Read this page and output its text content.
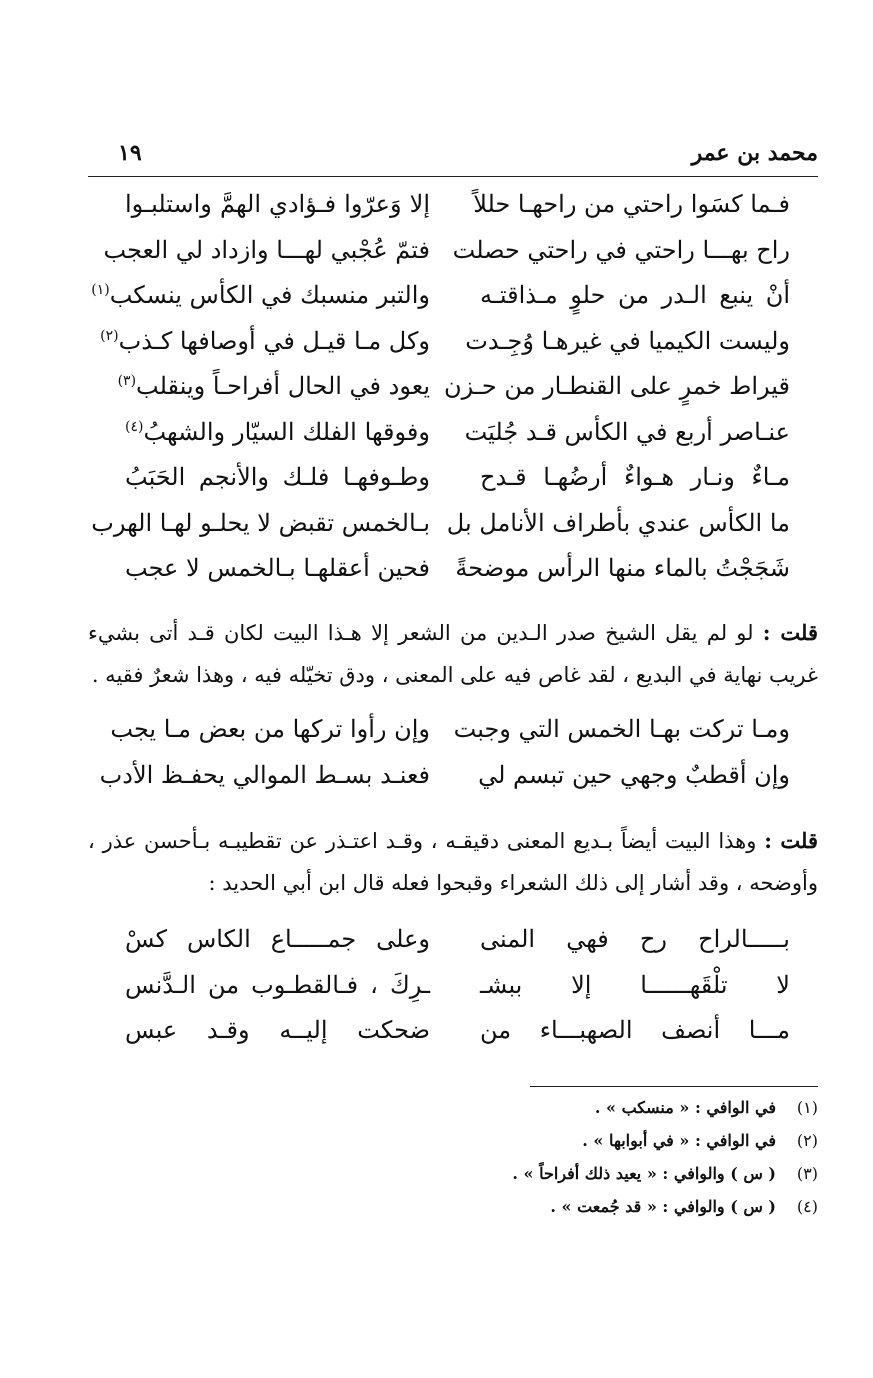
محمد بن عمر
١٩
فـما كسَوا راحتي من راحهـا حللاً
إلا وَعرّوا فـؤادي الهمَّ واستلبـوا
راح بهـــا راحتي في راحتي حصلت
فتمّ عُجْبي لهـــا وازداد لي العجب
أنْ ينبع الـدر من حلوٍ مـذاقتـه
والتبر منسبك في الكأس ينسكب$^{(١)}$
وليست الكيميا في غيرهـا وُجِـدت
وكل مـا قيـل في أوصافها كـذب$^{(٢)}$
قيراط خمرٍ على القنطـار من حـزن
يعود في الحال أفراحـاً وينقلب$^{(٣)}$
عنـاصر أربع في الكأس قـد جُليَت
وفوقها الفلك السيّار والشهبُ$^{(٤)}$
مـاءٌ ونـار هـواءٌ أرضُهـا قـدح
وطـوفهـا فلـك والأنجم الحَبَبُ
ما الكأس عندي بأطراف الأنامل بل
بـالخمس تقبض لا يحلـو لهـا الهرب
شَجَجْتُ بالماء منها الرأس موضحةً
فحين أعقلهـا بـالخمس لا عجب
قلت : لو لم يقل الشيخ صدر الـدين من الشعر إلا هـذا البيت لكان قـد أتى بشيء غريب نهاية في البديع ، لقد غاص فيه على المعنى ، ودق تخيّله فيه ، وهذا شعرٌ فقيه .
ومـا تركت بهـا الخمس التي وجبت
وإن رأوا تركها من بعض مـا يجب
وإن أقطبٌ وجهي حين تبسم لي
فعنـد بسـط الموالي يحفـظ الأدب
قلت : وهذا البيت أيضاً بـديع المعنى دقيقـه ، وقـد اعتـذر عن تقطيبـه بـأحسن عذر ، وأوضحه ، وقد أشار إلى ذلك الشعراء وقبحوا فعله قال ابن أبي الحديد :
بـــــالراح رح فهي المنى
وعلى جمـــــاع الكاس كسْ
لا تلْقَهــــــا إلا ببشـ
ـرِكَ ، فـالقطـوب من الـدَّنس
مـــا أنصف الصهبـــاء من
ضحكت إليــه وقـد عبس
(١)في الوافي : « منسكب » .
(٢)في الوافي : « في أبوابها » .
(٣)( س ) والوافي : « يعيد ذلك أفراحاً » .
(٤)( س ) والوافي : « قد جُمعت » .
